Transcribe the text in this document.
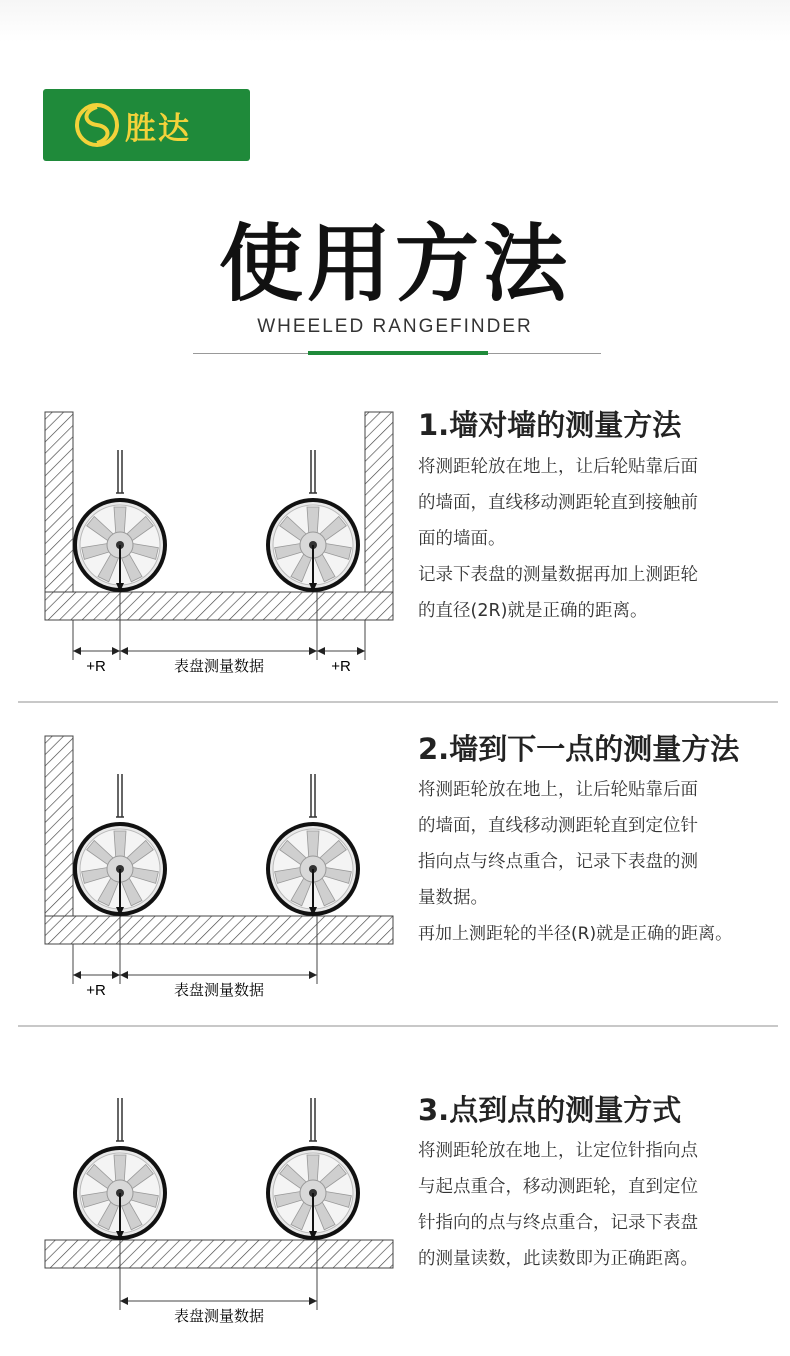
胜达
使用方法
WHEELED RANGEFINDER
+R	表盘测量数据	+R
1.墙对墙的测量方法

将测距轮放在地上，让后轮贴靠后面

的墙面，直线移动测距轮直到接触前

面的墙面。

记录下表盘的测量数据再加上测距轮

的直径(2R)就是正确的距离。

+R	表盘测量数据
2.墙到下一点的测量方法

将测距轮放在地上，让后轮贴靠后面

的墙面，直线移动测距轮直到定位针

指向点与终点重合，记录下表盘的测

量数据。

再加上测距轮的半径(R)就是正确的距离。

表盘测量数据
3.点到点的测量方式

将测距轮放在地上，让定位针指向点

与起点重合，移动测距轮，直到定位

针指向的点与终点重合，记录下表盘

的测量读数，此读数即为正确距离。
